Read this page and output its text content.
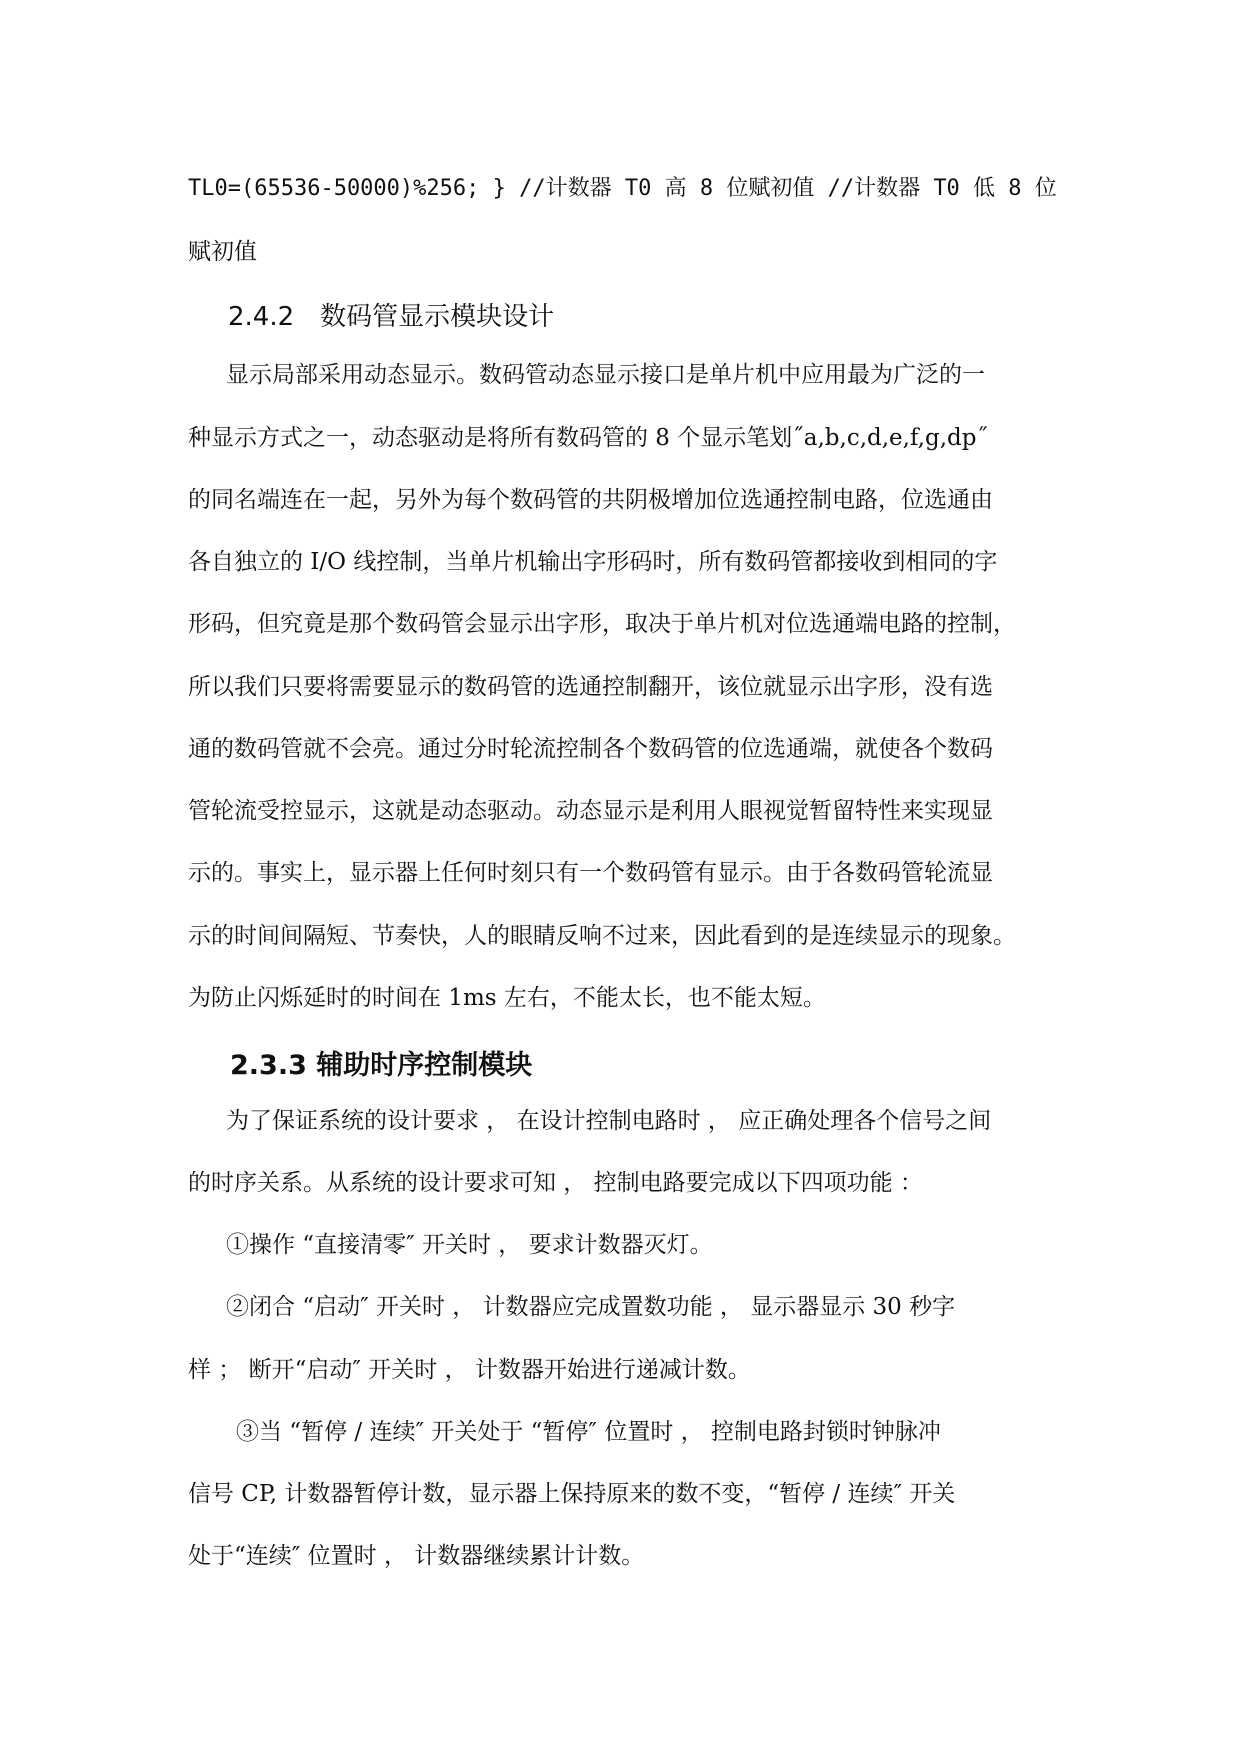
TL0=(65536-50000)%256; } //计数器 T0 高 8 位赋初值 //计数器 T0 低 8 位
赋初值
2.4.2　数码管显示模块设计
显示局部采用动态显示。数码管动态显示接口是单片机中应用最为广泛的一
种显示方式之一，动态驱动是将所有数码管的 8 个显示笔划˝a,b,c,d,e,f,g,dp˝
的同名端连在一起，另外为每个数码管的共阴极增加位选通控制电路，位选通由
各自独立的 I/O 线控制，当单片机输出字形码时，所有数码管都接收到相同的字
形码，但究竟是那个数码管会显示出字形，取决于单片机对位选通端电路的控制，
所以我们只要将需要显示的数码管的选通控制翻开，该位就显示出字形，没有选
通的数码管就不会亮。通过分时轮流控制各个数码管的位选通端，就使各个数码
管轮流受控显示，这就是动态驱动。动态显示是利用人眼视觉暂留特性来实现显
示的。事实上，显示器上任何时刻只有一个数码管有显示。由于各数码管轮流显
示的时间间隔短、节奏快，人的眼睛反响不过来，因此看到的是连续显示的现象。
为防止闪烁延时的时间在 1ms 左右，不能太长，也不能太短。
2.3.3 辅助时序控制模块
为了保证系统的设计要求 ， 在设计控制电路时 ， 应正确处理各个信号之间
的时序关系。从系统的设计要求可知 ， 控制电路要完成以下四项功能 ：
①操作 “直接清零″ 开关时 ， 要求计数器灭灯。
②闭合 “启动″ 开关时 ， 计数器应完成置数功能 ， 显示器显示 30 秒字
样 ； 断开“启动″ 开关时 ， 计数器开始进行递减计数。
③当 “暂停 / 连续″ 开关处于 “暂停″ 位置时 ， 控制电路封锁时钟脉冲
信号 CP, 计数器暂停计数，显示器上保持原来的数不变，“暂停 / 连续″ 开关
处于“连续″ 位置时 ， 计数器继续累计计数。
